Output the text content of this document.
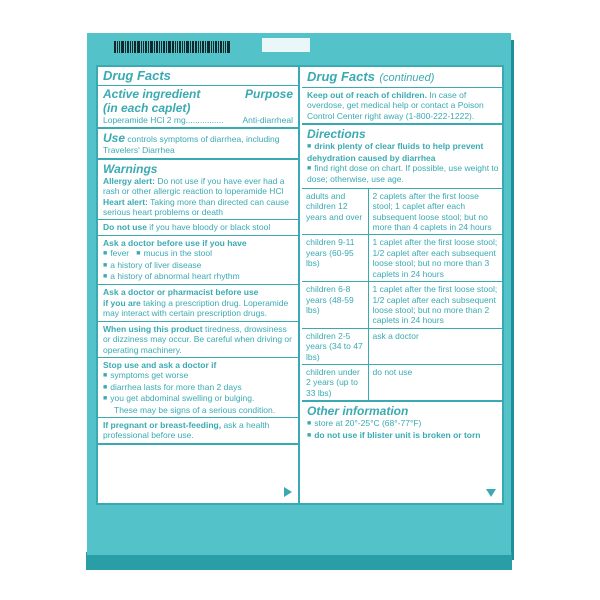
Drug Facts
Active ingredient	Purpose
(in each caplet)
Loperamide HCl 2 mg................ Anti-diarrheal
Use controls symptoms of diarrhea, including Travelers' Diarrhea
Warnings
Allergy alert: Do not use if you have ever had a rash or other allergic reaction to loperamide HCl
Heart alert: Taking more than directed can cause serious heart problems or death
Do not use if you have bloody or black stool
Ask a doctor before use if you have
■ fever ■ mucus in the stool
■ a history of liver disease
■ a history of abnormal heart rhythm
Ask a doctor or pharmacist before use
if you are taking a prescription drug. Loperamide may interact with certain prescription drugs.
When using this product tiredness, drowsiness or dizziness may occur. Be careful when driving or operating machinery.
Stop use and ask a doctor if
■ symptoms get worse
■ diarrhea lasts for more than 2 days
■ you get abdominal swelling or bulging.
These may be signs of a serious condition.
If pregnant or breast-feeding, ask a health professional before use.
Drug Facts (continued)
Keep out of reach of children. In case of overdose, get medical help or contact a Poison Control Center right away (1-800-222-1222).
Directions
■ drink plenty of clear fluids to help prevent dehydration caused by diarrhea
■ find right dose on chart. If possible, use weight to dose; otherwise, use age.
adults and children 12 years and over	2 caplets after the first loose stool; 1 caplet after each subsequent loose stool; but no more than 4 caplets in 24 hours
children 9-11 years (60-95 lbs)	1 caplet after the first loose stool; 1/2 caplet after each subsequent loose stool; but no more than 3 caplets in 24 hours
children 6-8 years (48-59 lbs)	1 caplet after the first loose stool; 1/2 caplet after each subsequent loose stool; but no more than 2 caplets in 24 hours
children 2-5 years (34 to 47 lbs)	ask a doctor
children under 2 years (up to 33 lbs)	do not use
Other information
■ store at 20°-25°C (68°-77°F)
■ do not use if blister unit is broken or torn
